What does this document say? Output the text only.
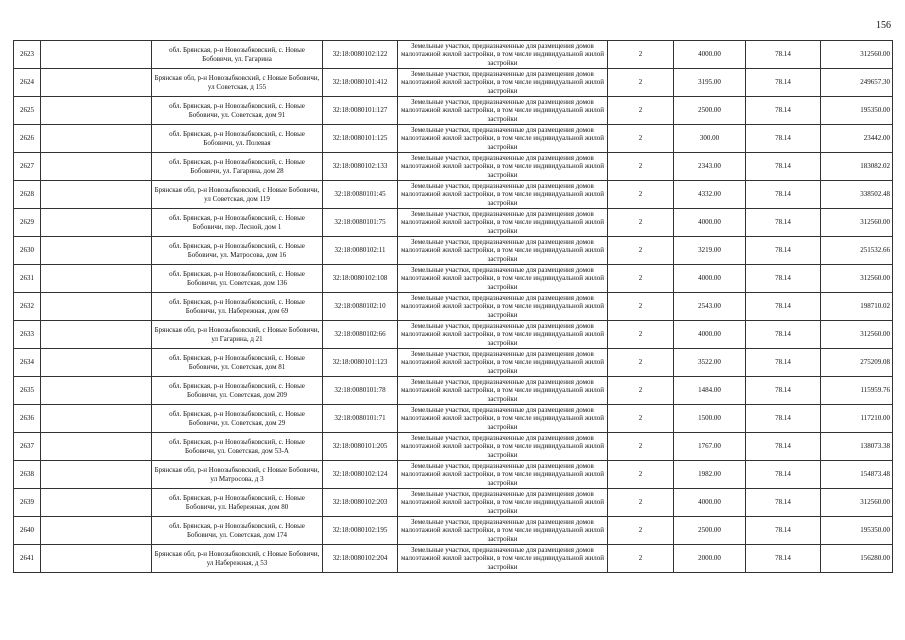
156
2623		обл. Брянская, р-н Новозыбковский, с. Новые Бобовичи, ул. Гагарина	32:18:0080102:122	Земельные участки, предназначенные для размещения домов малоэтажной жилой застройки, в том числе индивидуальной жилой застройки	2	4000.00	78.14	312560.00
2624		Брянская обл, р-н Новозыбковский, с Новые Бобовичи, ул Советская, д 155	32:18:0080101:412	Земельные участки, предназначенные для размещения домов малоэтажной жилой застройки, в том числе индивидуальной жилой застройки	2	3195.00	78.14	249657.30
2625		обл. Брянская, р-н Новозыбковский, с. Новые Бобовичи, ул. Советская, дом 91	32:18:0080101:127	Земельные участки, предназначенные для размещения домов малоэтажной жилой застройки, в том числе индивидуальной жилой застройки	2	2500.00	78.14	195350.00
2626		обл. Брянская, р-н Новозыбковский, с. Новые Бобовичи, ул. Полевая	32:18:0080101:125	Земельные участки, предназначенные для размещения домов малоэтажной жилой застройки, в том числе индивидуальной жилой застройки	2	300.00	78.14	23442.00
2627		обл. Брянская, р-н Новозыбковский, с. Новые Бобовичи, ул. Гагарина, дом 28	32:18:0080102:133	Земельные участки, предназначенные для размещения домов малоэтажной жилой застройки, в том числе индивидуальной жилой застройки	2	2343.00	78.14	183082.02
2628		Брянская обл, р-н Новозыбковский, с Новые Бобовичи, ул Советская, дом 119	32:18:0080101:45	Земельные участки, предназначенные для размещения домов малоэтажной жилой застройки, в том числе индивидуальной жилой застройки	2	4332.00	78.14	338502.48
2629		обл. Брянская, р-н Новозыбковский, с. Новые Бобовичи, пер. Лесной, дом 1	32:18:0080101:75	Земельные участки, предназначенные для размещения домов малоэтажной жилой застройки, в том числе индивидуальной жилой застройки	2	4000.00	78.14	312560.00
2630		обл. Брянская, р-н Новозыбковский, с. Новые Бобовичи, ул. Матросова, дом 16	32:18:0080102:11	Земельные участки, предназначенные для размещения домов малоэтажной жилой застройки, в том числе индивидуальной жилой застройки	2	3219.00	78.14	251532.66
2631		обл. Брянская, р-н Новозыбковский, с. Новые Бобовичи, ул. Советская, дом 136	32:18:0080102:108	Земельные участки, предназначенные для размещения домов малоэтажной жилой застройки, в том числе индивидуальной жилой застройки	2	4000.00	78.14	312560.00
2632		обл. Брянская, р-н Новозыбковский, с. Новые Бобовичи, ул. Набережная, дом 69	32:18:0080102:10	Земельные участки, предназначенные для размещения домов малоэтажной жилой застройки, в том числе индивидуальной жилой застройки	2	2543.00	78.14	198710.02
2633		Брянская обл, р-н Новозыбковский, с Новые Бобовичи, ул Гагарина, д 21	32:18:0080102:66	Земельные участки, предназначенные для размещения домов малоэтажной жилой застройки, в том числе индивидуальной жилой застройки	2	4000.00	78.14	312560.00
2634		обл. Брянская, р-н Новозыбковский, с. Новые Бобовичи, ул. Советская, дом 81	32:18:0080101:123	Земельные участки, предназначенные для размещения домов малоэтажной жилой застройки, в том числе индивидуальной жилой застройки	2	3522.00	78.14	275209.08
2635		обл. Брянская, р-н Новозыбковский, с. Новые Бобовичи, ул. Советская, дом 209	32:18:0080101:78	Земельные участки, предназначенные для размещения домов малоэтажной жилой застройки, в том числе индивидуальной жилой застройки	2	1484.00	78.14	115959.76
2636		обл. Брянская, р-н Новозыбковский, с. Новые Бобовичи, ул. Советская, дом 29	32:18:0080101:71	Земельные участки, предназначенные для размещения домов малоэтажной жилой застройки, в том числе индивидуальной жилой застройки	2	1500.00	78.14	117210.00
2637		обл. Брянская, р-н Новозыбковский, с. Новые Бобовичи, ул. Советская, дом 53-А	32:18:0080101:205	Земельные участки, предназначенные для размещения домов малоэтажной жилой застройки, в том числе индивидуальной жилой застройки	2	1767.00	78.14	138073.38
2638		Брянская обл, р-н Новозыбковский, с Новые Бобовичи, ул Матросова, д 3	32:18:0080102:124	Земельные участки, предназначенные для размещения домов малоэтажной жилой застройки, в том числе индивидуальной жилой застройки	2	1982.00	78.14	154873.48
2639		обл. Брянская, р-н Новозыбковский, с. Новые Бобовичи, ул. Набережная, дом 80	32:18:0080102:203	Земельные участки, предназначенные для размещения домов малоэтажной жилой застройки, в том числе индивидуальной жилой застройки	2	4000.00	78.14	312560.00
2640		обл. Брянская, р-н Новозыбковский, с. Новые Бобовичи, ул. Советская, дом 174	32:18:0080102:195	Земельные участки, предназначенные для размещения домов малоэтажной жилой застройки, в том числе индивидуальной жилой застройки	2	2500.00	78.14	195350.00
2641		Брянская обл, р-н Новозыбковский, с Новые Бобовичи, ул Набережная, д 53	32:18:0080102:204	Земельные участки, предназначенные для размещения домов малоэтажной жилой застройки, в том числе индивидуальной жилой застройки	2	2000.00	78.14	156280.00
